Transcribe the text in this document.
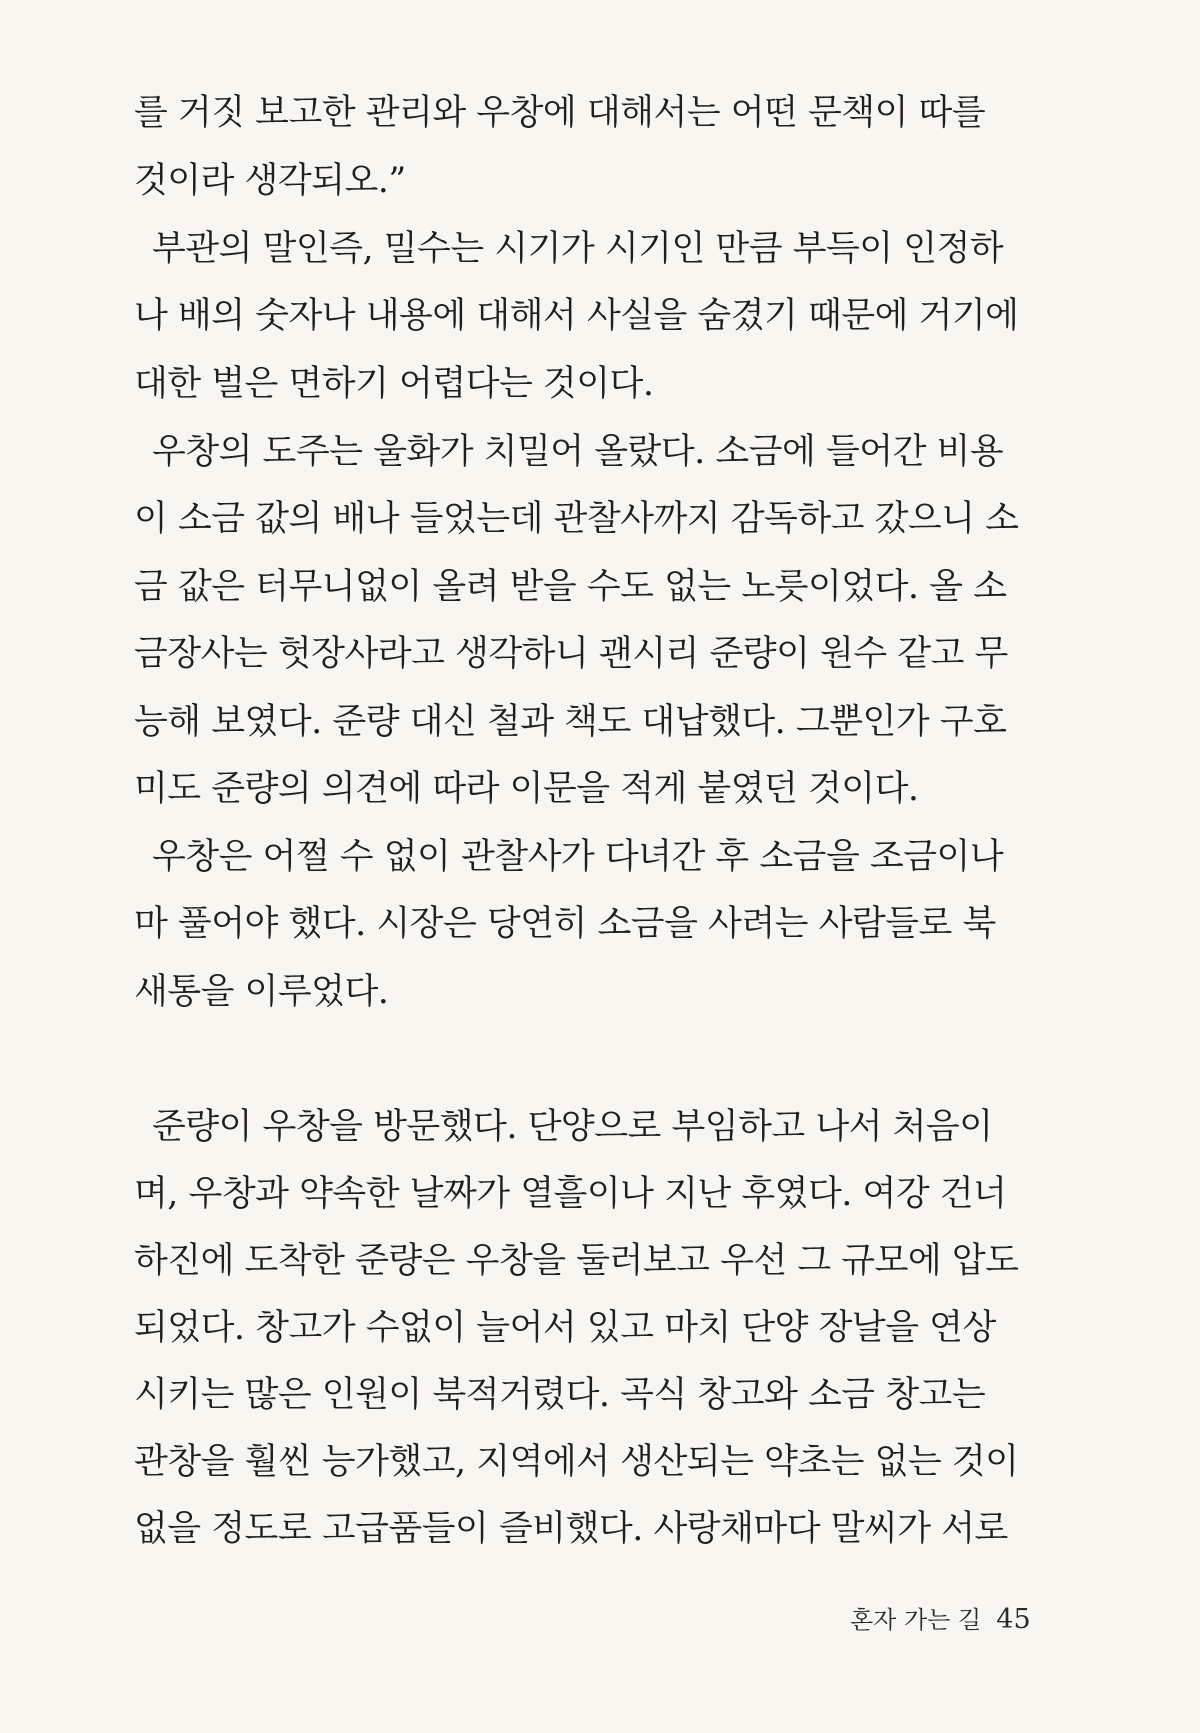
를 거짓 보고한 관리와 우창에 대해서는 어떤 문책이 따를
것이라 생각되오.”
부관의 말인즉, 밀수는 시기가 시기인 만큼 부득이 인정하
나 배의 숫자나 내용에 대해서 사실을 숨겼기 때문에 거기에
대한 벌은 면하기 어렵다는 것이다.
우창의 도주는 울화가 치밀어 올랐다. 소금에 들어간 비용
이 소금 값의 배나 들었는데 관찰사까지 감독하고 갔으니 소
금 값은 터무니없이 올려 받을 수도 없는 노릇이었다. 올 소
금장사는 헛장사라고 생각하니 괜시리 준량이 원수 같고 무
능해 보였다. 준량 대신 철과 책도 대납했다. 그뿐인가 구호
미도 준량의 의견에 따라 이문을 적게 붙였던 것이다.
우창은 어쩔 수 없이 관찰사가 다녀간 후 소금을 조금이나
마 풀어야 했다. 시장은 당연히 소금을 사려는 사람들로 북
새통을 이루었다.
준량이 우창을 방문했다. 단양으로 부임하고 나서 처음이
며, 우창과 약속한 날짜가 열흘이나 지난 후였다. 여강 건너
하진에 도착한 준량은 우창을 둘러보고 우선 그 규모에 압도
되었다. 창고가 수없이 늘어서 있고 마치 단양 장날을 연상
시키는 많은 인원이 북적거렸다. 곡식 창고와 소금 창고는
관창을 훨씬 능가했고, 지역에서 생산되는 약초는 없는 것이
없을 정도로 고급품들이 즐비했다. 사랑채마다 말씨가 서로
혼자 가는 길 45
